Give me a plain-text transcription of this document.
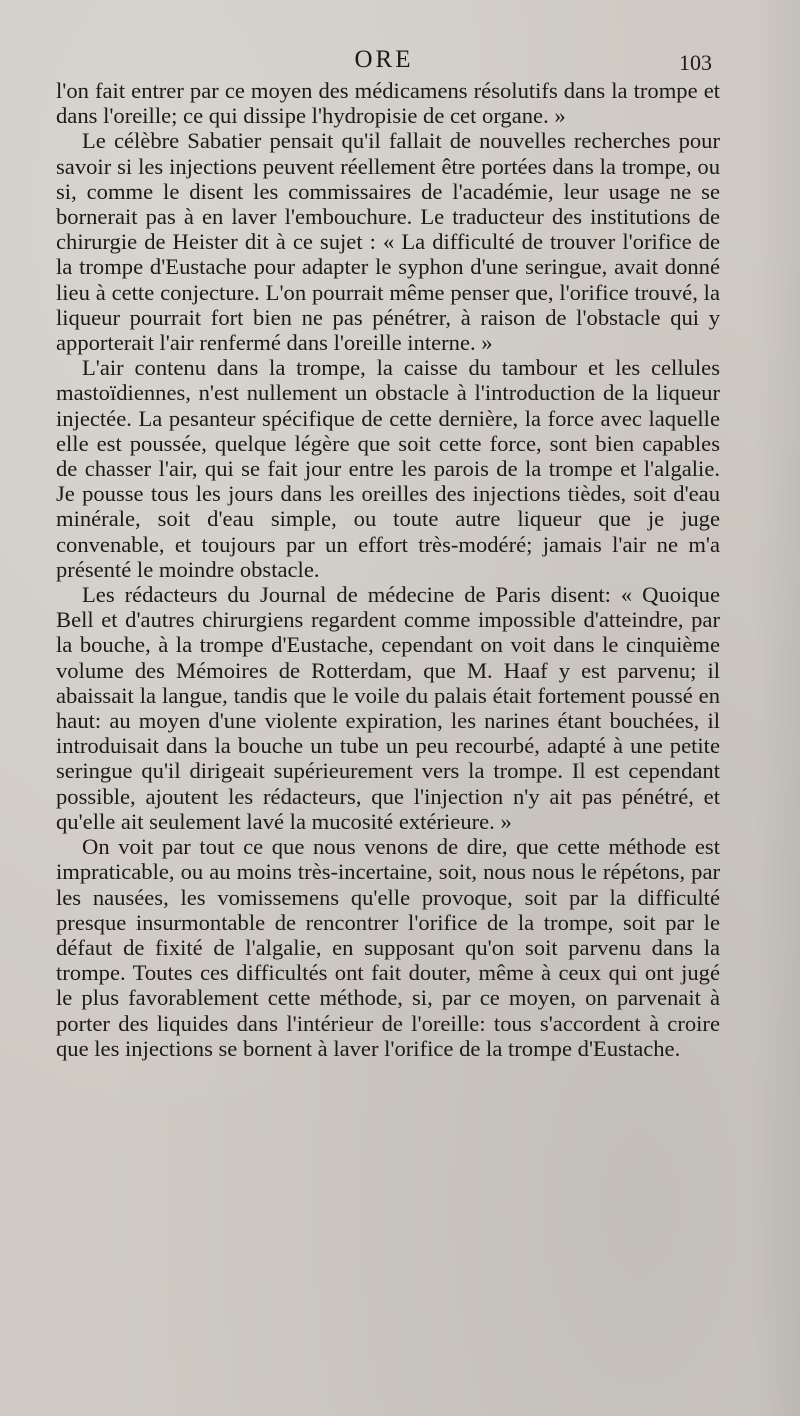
ORE	103

l'on fait entrer par ce moyen des médicamens résolutifs dans la trompe et dans l'oreille; ce qui dissipe l'hydropisie de cet organe. »

Le célèbre Sabatier pensait qu'il fallait de nouvelles recherches pour savoir si les injections peuvent réellement être portées dans la trompe, ou si, comme le disent les commissaires de l'académie, leur usage ne se bornerait pas à en laver l'embouchure. Le traducteur des institutions de chirurgie de Heister dit à ce sujet : « La difficulté de trouver l'orifice de la trompe d'Eustache pour adapter le syphon d'une seringue, avait donné lieu à cette conjecture. L'on pourrait même penser que, l'orifice trouvé, la liqueur pourrait fort bien ne pas pénétrer, à raison de l'obstacle qui y apporterait l'air renfermé dans l'oreille interne. »

L'air contenu dans la trompe, la caisse du tambour et les cellules mastoïdiennes, n'est nullement un obstacle à l'introduction de la liqueur injectée. La pesanteur spécifique de cette dernière, la force avec laquelle elle est poussée, quelque légère que soit cette force, sont bien capables de chasser l'air, qui se fait jour entre les parois de la trompe et l'algalie. Je pousse tous les jours dans les oreilles des injections tièdes, soit d'eau minérale, soit d'eau simple, ou toute autre liqueur que je juge convenable, et toujours par un effort très-modéré; jamais l'air ne m'a présenté le moindre obstacle.

Les rédacteurs du Journal de médecine de Paris disent: « Quoique Bell et d'autres chirurgiens regardent comme impossible d'atteindre, par la bouche, à la trompe d'Eustache, cependant on voit dans le cinquième volume des Mémoires de Rotterdam, que M. Haaf y est parvenu; il abaissait la langue, tandis que le voile du palais était fortement poussé en haut: au moyen d'une violente expiration, les narines étant bouchées, il introduisait dans la bouche un tube un peu recourbé, adapté à une petite seringue qu'il dirigeait supérieurement vers la trompe. Il est cependant possible, ajoutent les rédacteurs, que l'injection n'y ait pas pénétré, et qu'elle ait seulement lavé la mucosité extérieure. »

On voit par tout ce que nous venons de dire, que cette méthode est impraticable, ou au moins très-incertaine, soit, nous nous le répétons, par les nausées, les vomissemens qu'elle provoque, soit par la difficulté presque insurmontable de rencontrer l'orifice de la trompe, soit par le défaut de fixité de l'algalie, en supposant qu'on soit parvenu dans la trompe. Toutes ces difficultés ont fait douter, même à ceux qui ont jugé le plus favorablement cette méthode, si, par ce moyen, on parvenait à porter des liquides dans l'intérieur de l'oreille: tous s'accordent à croire que les injections se bornent à laver l'orifice de la trompe d'Eustache.
